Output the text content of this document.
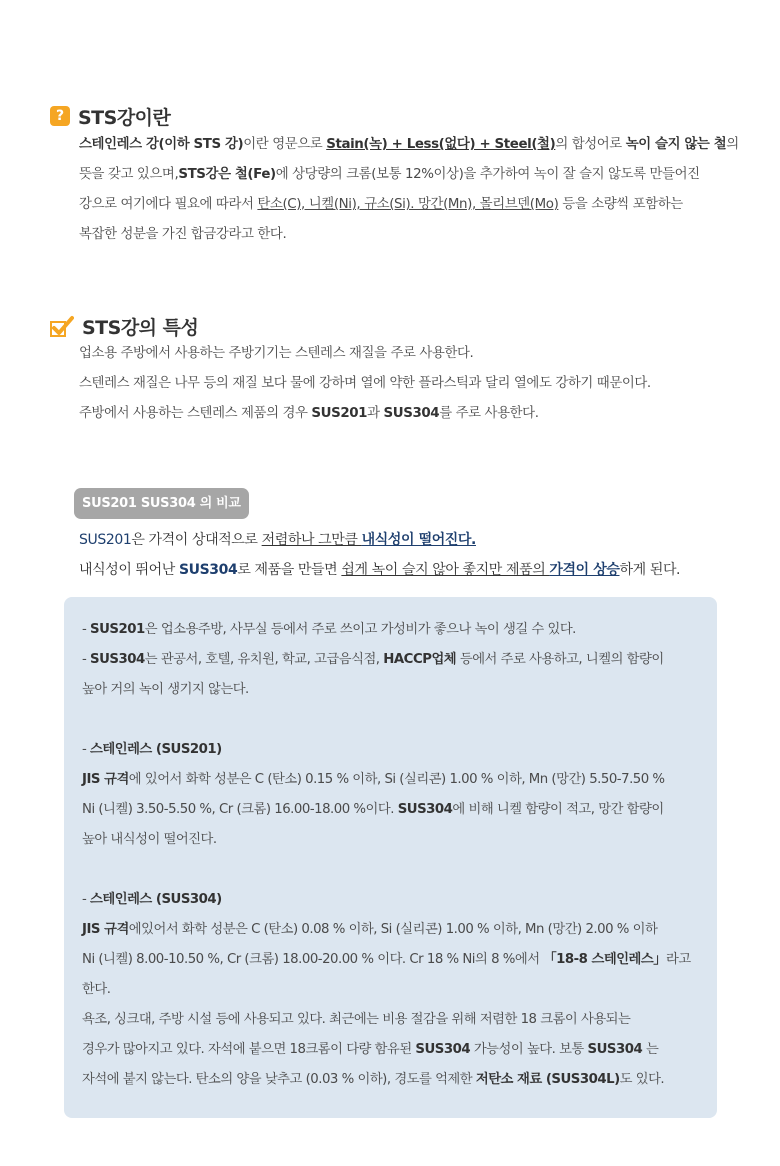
? STS강이란
스테인레스 강(이하 STS 강)이란 영문으로 Stain(녹) + Less(없다) + Steel(철)의 합성어로 녹이 슬지 않는 철의
뜻을 갖고 있으며,STS강은 철(Fe)에 상당량의 크롬(보통 12%이상)을 추가하여 녹이 잘 슬지 않도록 만들어진
강으로 여기에다 필요에 따라서 탄소(C), 니켈(Ni), 규소(Si). 망간(Mn), 몰리브덴(Mo) 등을 소량씩 포함하는
복잡한 성분을 가진 합금강라고 한다.
STS강의 특성
업소용 주방에서 사용하는 주방기기는 스텐레스 재질을 주로 사용한다.
스텐레스 재질은 나무 등의 재질 보다 물에 강하며 열에 약한 플라스틱과 달리 열에도 강하기 때문이다.
주방에서 사용하는 스텐레스 제품의 경우 SUS201과 SUS304를 주로 사용한다.
SUS201 SUS304 의 비교
SUS201은 가격이 상대적으로 저렴하나 그만큼 내식성이 떨어진다.
내식성이 뛰어난 SUS304로 제품을 만들면 쉽게 녹이 슬지 않아 좋지만 제품의 가격이 상승하게 된다.
- SUS201은 업소용주방, 사무실 등에서 주로 쓰이고 가성비가 좋으나 녹이 생길 수 있다.
- SUS304는 관공서, 호텔, 유치원, 학교, 고급음식점, HACCP업체 등에서 주로 사용하고, 니켈의 함량이
높아 거의 녹이 생기지 않는다.
- 스테인레스 (SUS201)
JIS 규격에 있어서 화학 성분은 C (탄소) 0.15 % 이하, Si (실리콘) 1.00 % 이하, Mn (망간) 5.50-7.50 %
Ni (니켈) 3.50-5.50 %, Cr (크롬) 16.00-18.00 %이다. SUS304에 비해 니켈 함량이 적고, 망간 함량이
높아 내식성이 떨어진다.
- 스테인레스 (SUS304)
JIS 규격에있어서 화학 성분은 C (탄소) 0.08 % 이하, Si (실리콘) 1.00 % 이하, Mn (망간) 2.00 % 이하
Ni (니켈) 8.00-10.50 %, Cr (크롬) 18.00-20.00 % 이다. Cr 18 % Ni의 8 %에서 「18-8 스테인레스」라고
한다.
욕조, 싱크대, 주방 시설 등에 사용되고 있다. 최근에는 비용 절감을 위해 저렴한 18 크롬이 사용되는
경우가 많아지고 있다. 자석에 붙으면 18크롬이 다량 함유된 SUS304 가능성이 높다. 보통 SUS304 는
자석에 붙지 않는다. 탄소의 양을 낮추고 (0.03 % 이하), 경도를 억제한 저탄소 재료 (SUS304L)도 있다.
